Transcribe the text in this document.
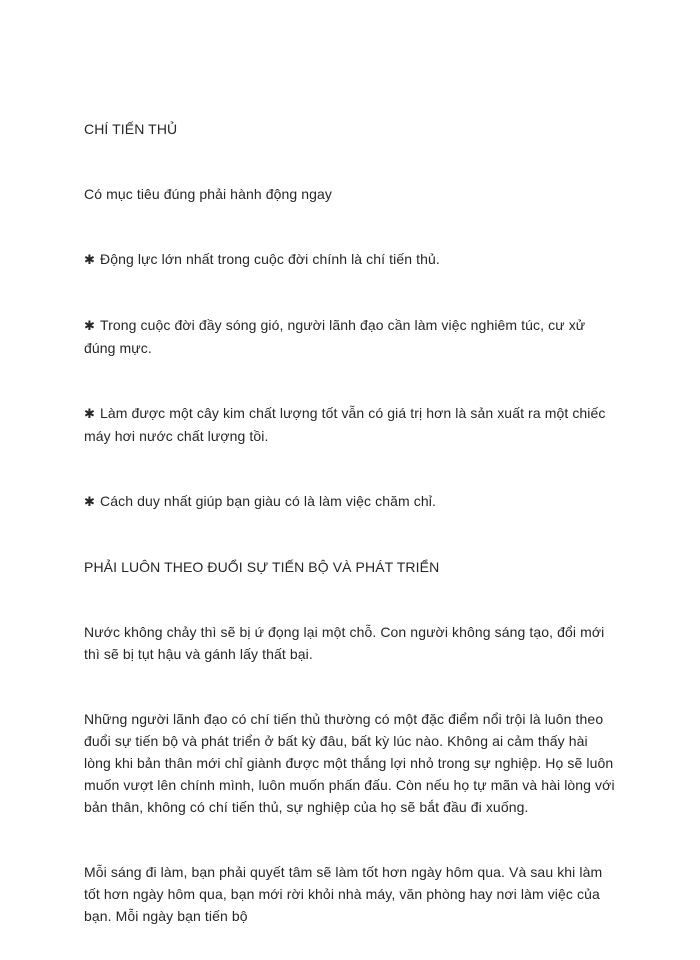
CHÍ TIẾN THỦ

Có mục tiêu đúng phải hành động ngay

✱ Động lực lớn nhất trong cuộc đời chính là chí tiến thủ.

✱ Trong cuộc đời đầy sóng gió, người lãnh đạo cần làm việc nghiêm túc, cư xử đúng mực.

✱ Làm được một cây kim chất lượng tốt vẫn có giá trị hơn là sản xuất ra một chiếc máy hơi nước chất lượng tồi.

✱ Cách duy nhất giúp bạn giàu có là làm việc chăm chỉ.

PHẢI LUÔN THEO ĐUỔI SỰ TIẾN BỘ VÀ PHÁT TRIỂN

Nước không chảy thì sẽ bị ứ đọng lại một chỗ. Con người không sáng tạo, đổi mới thì sẽ bị tụt hậu và gánh lấy thất bại.

Những người lãnh đạo có chí tiến thủ thường có một đặc điểm nổi trội là luôn theo đuổi sự tiến bộ và phát triển ở bất kỳ đâu, bất kỳ lúc nào. Không ai cảm thấy hài lòng khi bản thân mới chỉ giành được một thắng lợi nhỏ trong sự nghiệp. Họ sẽ luôn muốn vượt lên chính mình, luôn muốn phấn đấu. Còn nếu họ tự mãn và hài lòng với bản thân, không có chí tiến thủ, sự nghiệp của họ sẽ bắt đầu đi xuống.

Mỗi sáng đi làm, bạn phải quyết tâm sẽ làm tốt hơn ngày hôm qua. Và sau khi làm tốt hơn ngày hôm qua, bạn mới rời khỏi nhà máy, văn phòng hay nơi làm việc của bạn. Mỗi ngày bạn tiến bộ
